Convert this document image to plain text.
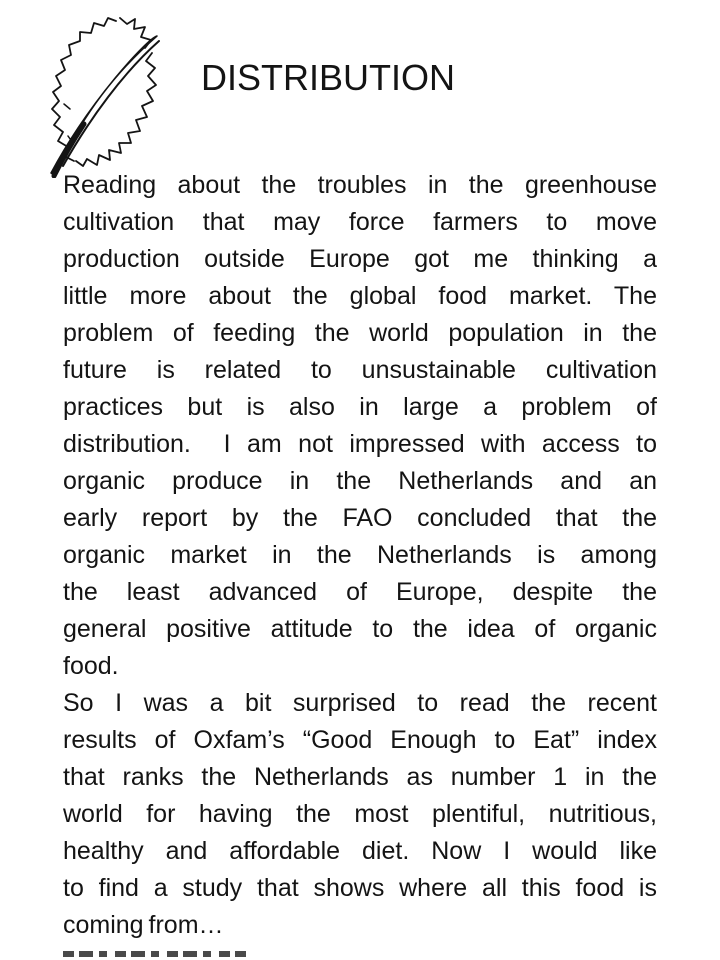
DISTRIBUTION
Reading about the troubles in the greenhouse
cultivation that may force farmers to move
production outside Europe got me thinking a
little more about the global food market. The
problem of feeding the world population in the
future is related to unsustainable cultivation
practices but is also in large a problem of
distribution.  I am not impressed with access to
organic produce in the Netherlands and an
early report by the FAO concluded that the
organic market in the Netherlands is among
the least advanced of Europe, despite the
general positive attitude to the idea of organic
food.
So I was a bit surprised to read the recent
results of Oxfam’s “Good Enough to Eat” index
that ranks the Netherlands as number 1 in the
world for having the most plentiful, nutritious,
healthy and affordable diet. Now I would like
to find a study that shows where all this food is
coming from…
